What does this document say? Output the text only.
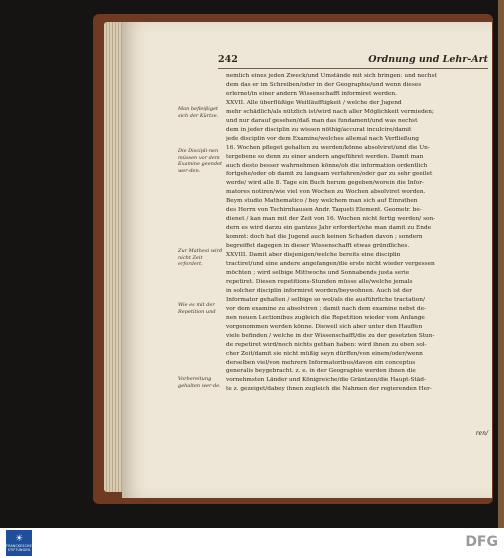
242	Ordnung und Lehr-Art
Man befleißiget sich der Kürtze.
Die Discipli-nen müssen vor dem Examine geendet wer-den.
Zur Mathesi wird nicht Zeit erfordert.
Wie es mit der Repetition und
Vorbereitung gehalten wer-de.
nemlich eines jeden Zweck/und Umstände mit sich bringen: und nechst
dem das er im Schreiben/oder in der Geographie/und wenn dieses
erlernet/in einer andern Wissenschafft informiret werden.
XXVII. Alle überflüßige Weitläufftigkeit / welche der Jugend
mehr schädlich/als nützlich ist/wird nach aller Möglichkeit vermieden;
und nur darauf gesehen/daß man das fundament/und was nechst
dem in jeder disciplin zu wissen nöthig/accurat inculcire/damit
jede disciplin vor dem Examine/welches allemal nach Verfließung
16. Wochen pfleget gehalten zu werden/könne absolviret/und die Un-
tergebene so denn zu einer andern angeführet werden. Damit man
auch desto besser wahrnehmen könne/ob die information ordentlich
fortgehe/oder ob damit zu langsam verfahren/oder gar zu sehr geeilet
werde/ wird alle 8. Tage ein Buch herum gegeben/worein die Infor-
matores notiren/wie viel von Wochen zu Wochen absolviret worden.
Beym studio Mathematico / bey welchem man sich auf Einrathen
des Herrn von Tschirnhausen Andr. Taqueti Element. Geometr. be-
dienet / kan man mit der Zeit von 16. Wochen nicht fertig werden/ son-
dern es wird darzu ein gantzes Jahr erfordert/ehe man damit zu Ende
kommt: doch hat die Jugend auch keinen Schaden davon ; sondern
begreiffet dagegen in dieser Wissenschafft etwas gründliches.
XXVIII. Damit aber diejenigen/welche bereits eine disciplin
tractiret/und eine andere angefangen/die erste nicht wieder vergessen
möchten ; wird selbige Mittwochs und Sonnabends justa serie
repetiret. Diesen repetitions-Stunden müsse alle/welche jemals
in solcher disciplin informiret worden/beywohnen. Auch ist der
Informator gehalten / selbige so wol/als die ausführliche tractation/
vor dem examine zu absolviren ; damit nach dem examine nebst de-
nen neuen Lectionibus zugleich die Repetition wieder vom Anfange
vorgenommen werden könne. Dieweil sich aber unter den Hauffen
viele befinden / welche in der Wissenschafft/die zu der gesetzten Stun-
de repetiret wird/noch nichts gethan haben: wird ihnen zu eben sol-
cher Zeit/damit sie nicht müßig seyn dürffen/von einem/oder/wenn
derselben viel/von mehrern Informatoribus/davon ein conceptus
generalis beygebracht. z. e. in der Geographie werden ihnen die
vornehmsten Länder und Königreiche/die Gräntzen/die Haupt-Städ-
te z. gezeiget/dabey ihnen zugleich die Nahmen der regierenden Her-
ren/
☀
FRANCKESCHE
STIFTUNGEN	DFG
